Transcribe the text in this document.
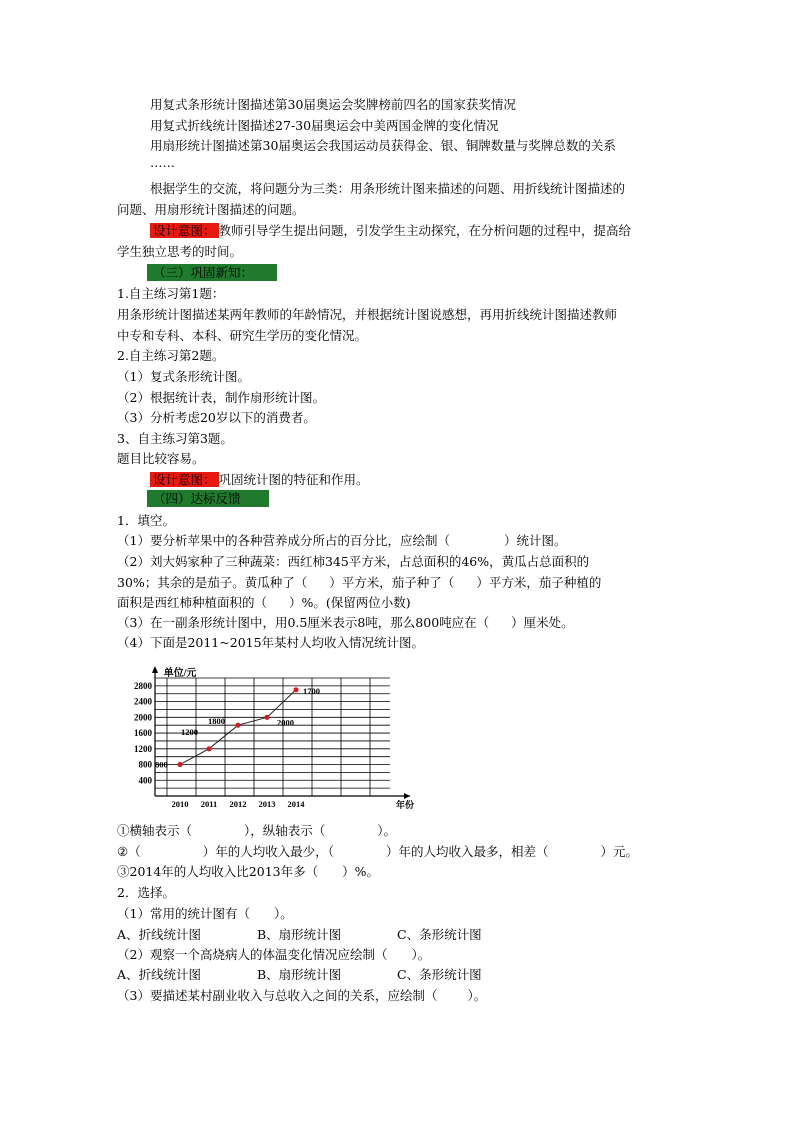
用复式条形统计图描述第30届奥运会奖牌榜前四名的国家获奖情况
用复式折线统计图描述27-30届奥运会中美两国金牌的变化情况
用扇形统计图描述第30届奥运会我国运动员获得金、银、铜牌数量与奖牌总数的关系
……
根据学生的交流，将问题分为三类：用条形统计图来描述的问题、用折线统计图描述的
问题、用扇形统计图描述的问题。
设计意图： 教师引导学生提出问题，引发学生主动探究，在分析问题的过程中，提高给
学生独立思考的时间。
（三）巩固新知：
1.自主练习第1题：
用条形统计图描述某两年教师的年龄情况，并根据统计图说感想，再用折线统计图描述教师
中专和专科、本科、研究生学历的变化情况。
2.自主练习第2题。
（1）复式条形统计图。
（2）根据统计表，制作扇形统计图。
（3）分析考虑20岁以下的消费者。
3、自主练习第3题。
题目比较容易。
设计意图： 巩固统计图的特征和作用。
（四）达标反馈
1．填空。
（1）要分析苹果中的各种营养成分所占的百分比，应绘制（	）统计图。
（2）刘大妈家种了三种蔬菜：西红柿345平方米，占总面积的46%，黄瓜占总面积的
30%；其余的是茄子。黄瓜种了（ ）平方米，茄子种了（ ）平方米，茄子种植的
面积是西红柿种植面积的（ ）%。(保留两位小数)
（3）在一副条形统计图中，用0.5厘米表示8吨，那么800吨应在（ ）厘米处。
（4）下面是2011~2015年某村人均收入情况统计图。
2800
2400
2000
1600
1200
800
400
2010 2011 2012 2013 2014
单位/元
年份
800
1200
1800	2000
1700
①横轴表示（	），纵轴表示（	）。
②（	）年的人均收入最少，（	）年的人均收入最多，相差（	）元。
③2014年的人均收入比2013年多（ ）%。
2．选择。
（1）常用的统计图有（ ）。
A、折线统计图	B、扇形统计图	C、条形统计图
（2）观察一个高烧病人的体温变化情况应绘制（ ）。
A、折线统计图	B、扇形统计图	C、条形统计图
（3）要描述某村副业收入与总收入之间的关系，应绘制（ ）。
